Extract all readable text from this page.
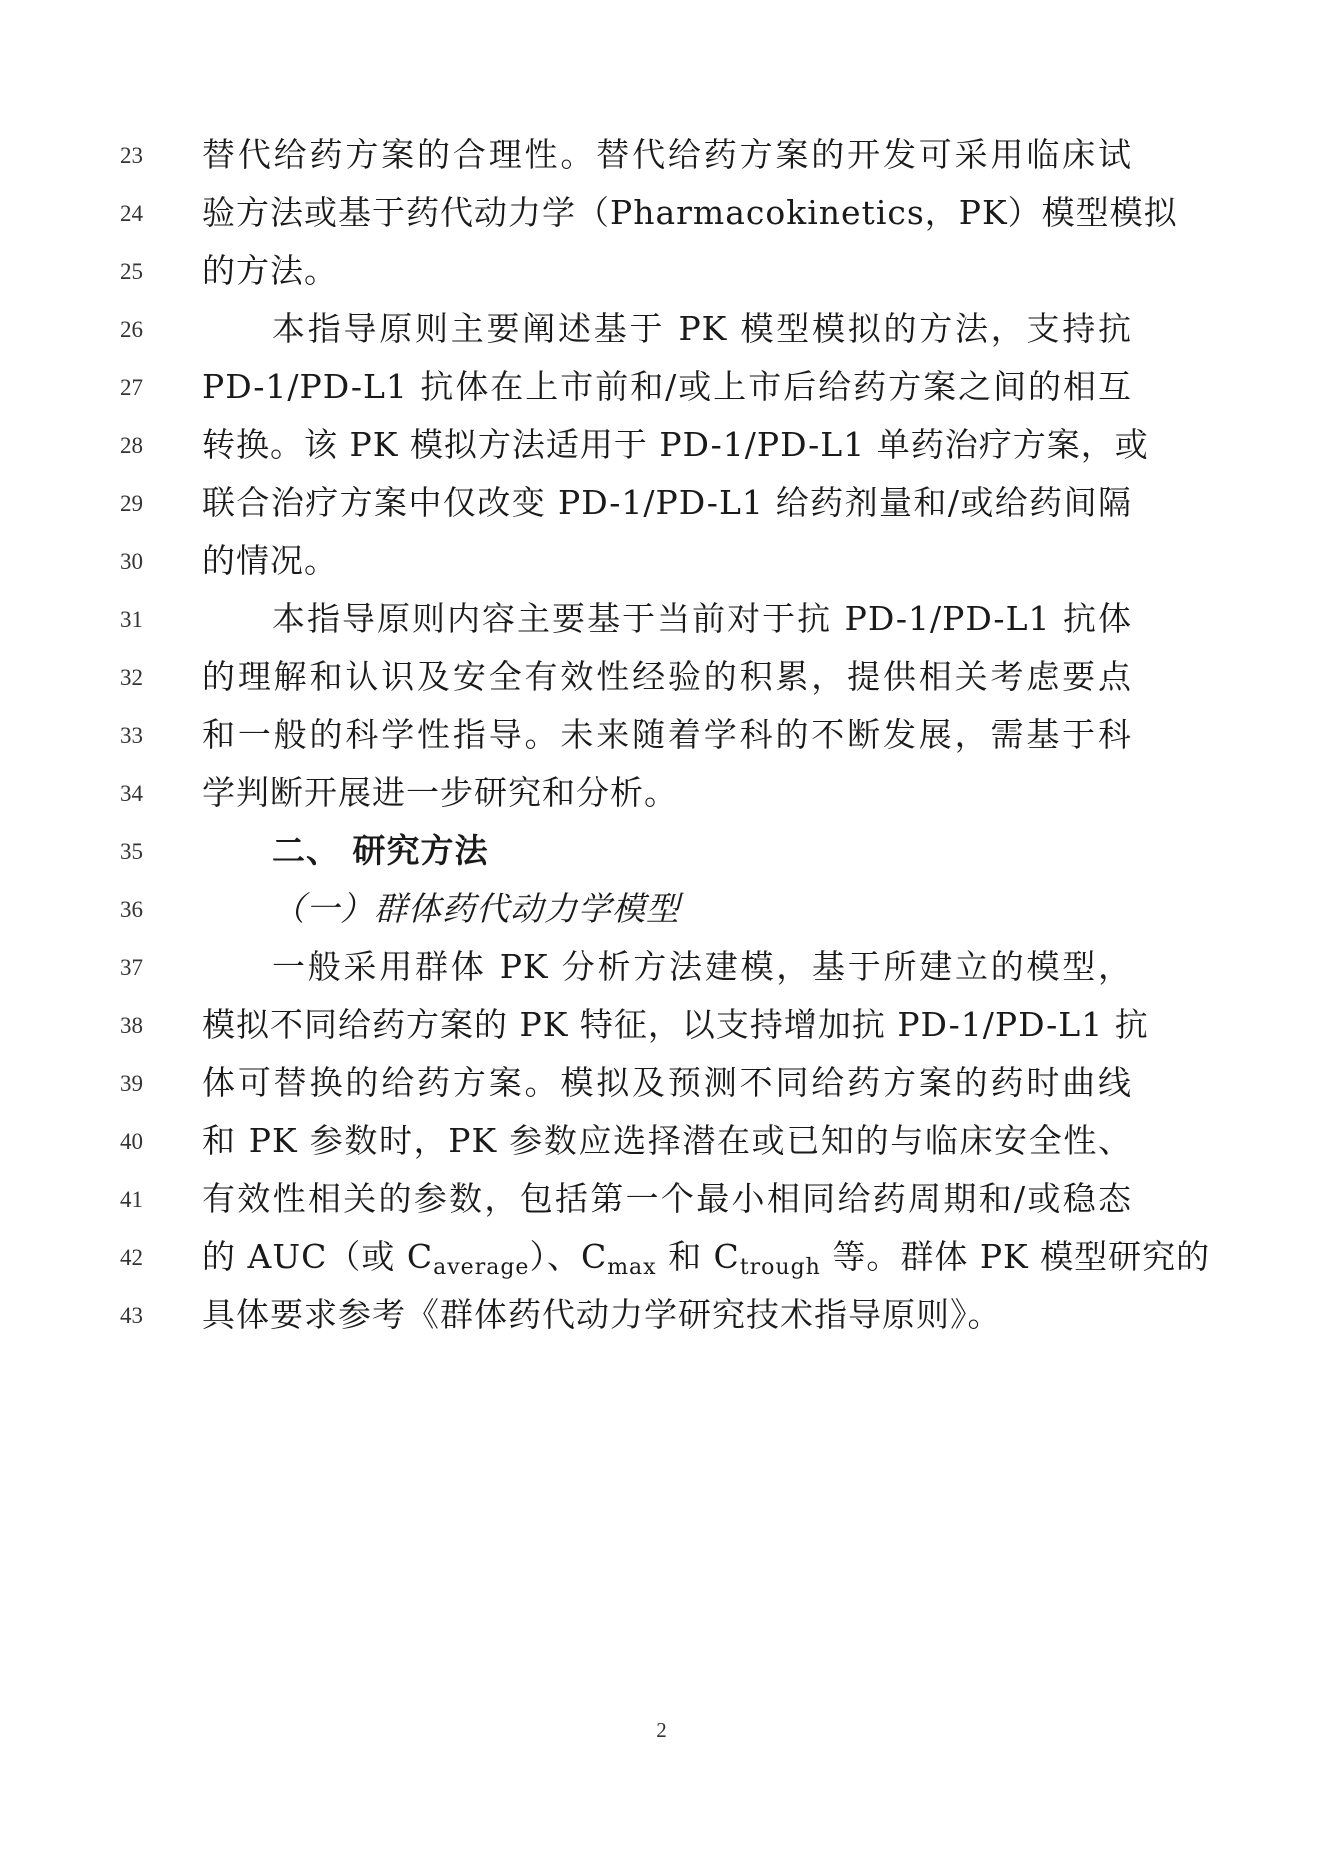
23	替代给药方案的合理性。替代给药方案的开发可采用临床试
24	验方法或基于药代动力学（Pharmacokinetics，PK）模型模拟
25	的方法。
26	本指导原则主要阐述基于 PK 模型模拟的方法，支持抗
27	PD-1/PD-L1 抗体在上市前和/或上市后给药方案之间的相互
28	转换。该 PK 模拟方法适用于 PD-1/PD-L1 单药治疗方案，或
29	联合治疗方案中仅改变 PD-1/PD-L1 给药剂量和/或给药间隔
30	的情况。
31	本指导原则内容主要基于当前对于抗 PD-1/PD-L1 抗体
32	的理解和认识及安全有效性经验的积累，提供相关考虑要点
33	和一般的科学性指导。未来随着学科的不断发展，需基于科
34	学判断开展进一步研究和分析。
35	二、 研究方法
36	（一）群体药代动力学模型
37	一般采用群体 PK 分析方法建模，基于所建立的模型，
38	模拟不同给药方案的 PK 特征，以支持增加抗 PD-1/PD-L1 抗
39	体可替换的给药方案。模拟及预测不同给药方案的药时曲线
40	和 PK 参数时，PK 参数应选择潜在或已知的与临床安全性、
41	有效性相关的参数，包括第一个最小相同给药周期和/或稳态
42	的 AUC（或 $C_{average}$）、$C_{max}$ 和 $C_{trough}$ 等。群体 PK 模型研究的
43	具体要求参考《群体药代动力学研究技术指导原则》。
2
